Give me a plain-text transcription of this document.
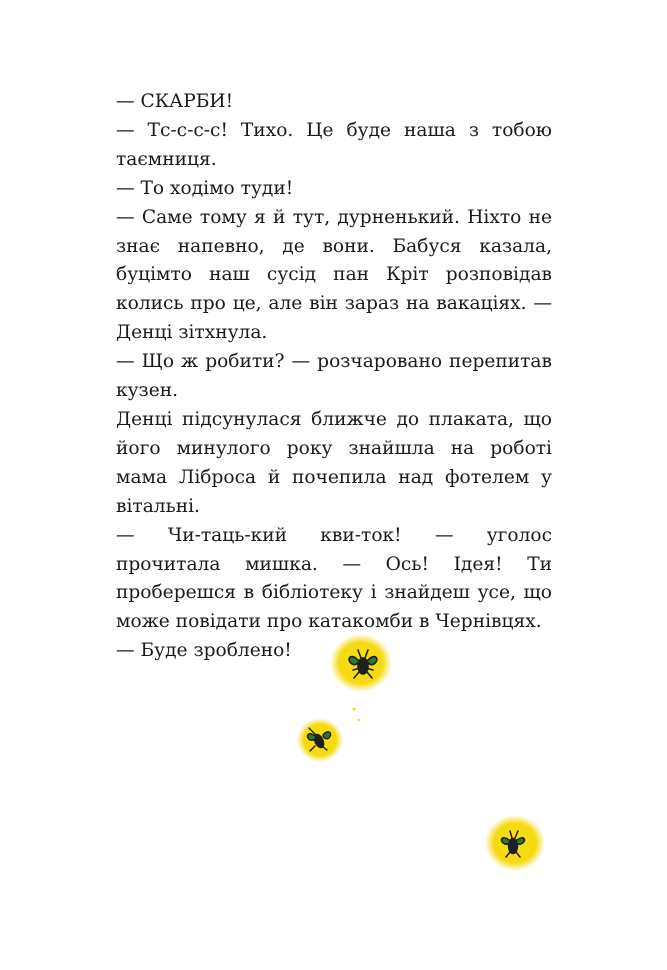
— СКАРБИ!

— Тс-с-с-с! Тихо. Це буде наша з тобою таємниця.

— То ходімо туди!

— Саме тому я й тут, дурненький. Ніхто не знає напевно, де вони. Бабуся казала, буцімто наш сусід пан Кріт розповідав колись про це, але він зараз на вакаціях. — Денці зітхнула.

— Що ж робити? — розчаровано перепитав кузен.

Денці підсунулася ближче до плаката, що його минулого року знайшла на роботі мама Ліброса й почепила над фотелем у вітальні.

— Чи-таць-кий кви-ток! — уголос прочитала мишка. — Ось! Ідея! Ти проберешся в бібліотеку і знайдеш усе, що може повідати про катакомби в Чернівцях.

— Буде зроблено!
